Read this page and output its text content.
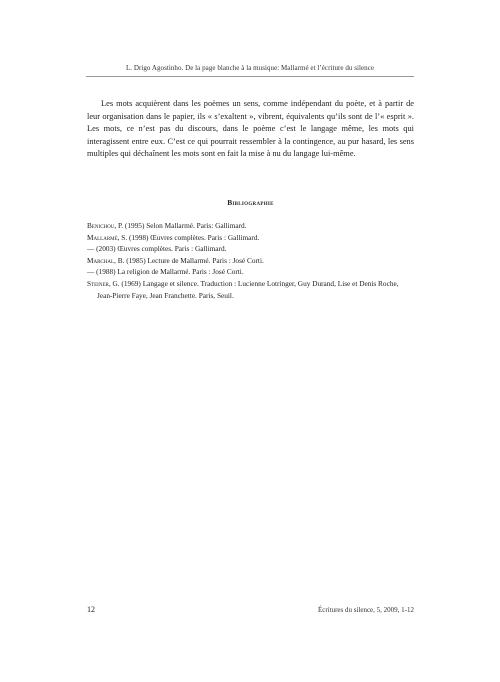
L. Drigo Agostinho. De la page blanche à la musique: Mallarmé et l’écriture du silence

Les mots acquièrent dans les poèmes un sens, comme indépendant du poète, et à partir de leur organisation dans le papier, ils « s’exaltent », vibrent, équivalents qu’ils sont de l’« esprit ». Les mots, ce n’est pas du discours, dans le poème c’est le langage même, les mots qui interagissent entre eux. C’est ce qui pourrait ressembler à la contingence, au pur hasard, les sens multiples qui déchaînent les mots sont en fait la mise à nu du langage lui-même.

Bibliographie
Benichou, P. (1995) Selon Mallarmé. Paris: Gallimard.
Mallarmé, S. (1998) Œuvres complètes. Paris : Gallimard.
— (2003) Œuvres complètes. Paris : Gallimard.
Marchal, B. (1985) Lecture de Mallarmé. Paris : José Corti.
— (1988) La religion de Mallarmé. Paris : José Corti.
Steiner, G. (1969) Langage et silence. Traduction : Lucienne Lotringer, Guy Durand, Lise et Denis Roche, Jean-Pierre Faye, Jean Franchette. Paris, Seuil.
12	Écritures du silence, 5, 2009, 1-12
